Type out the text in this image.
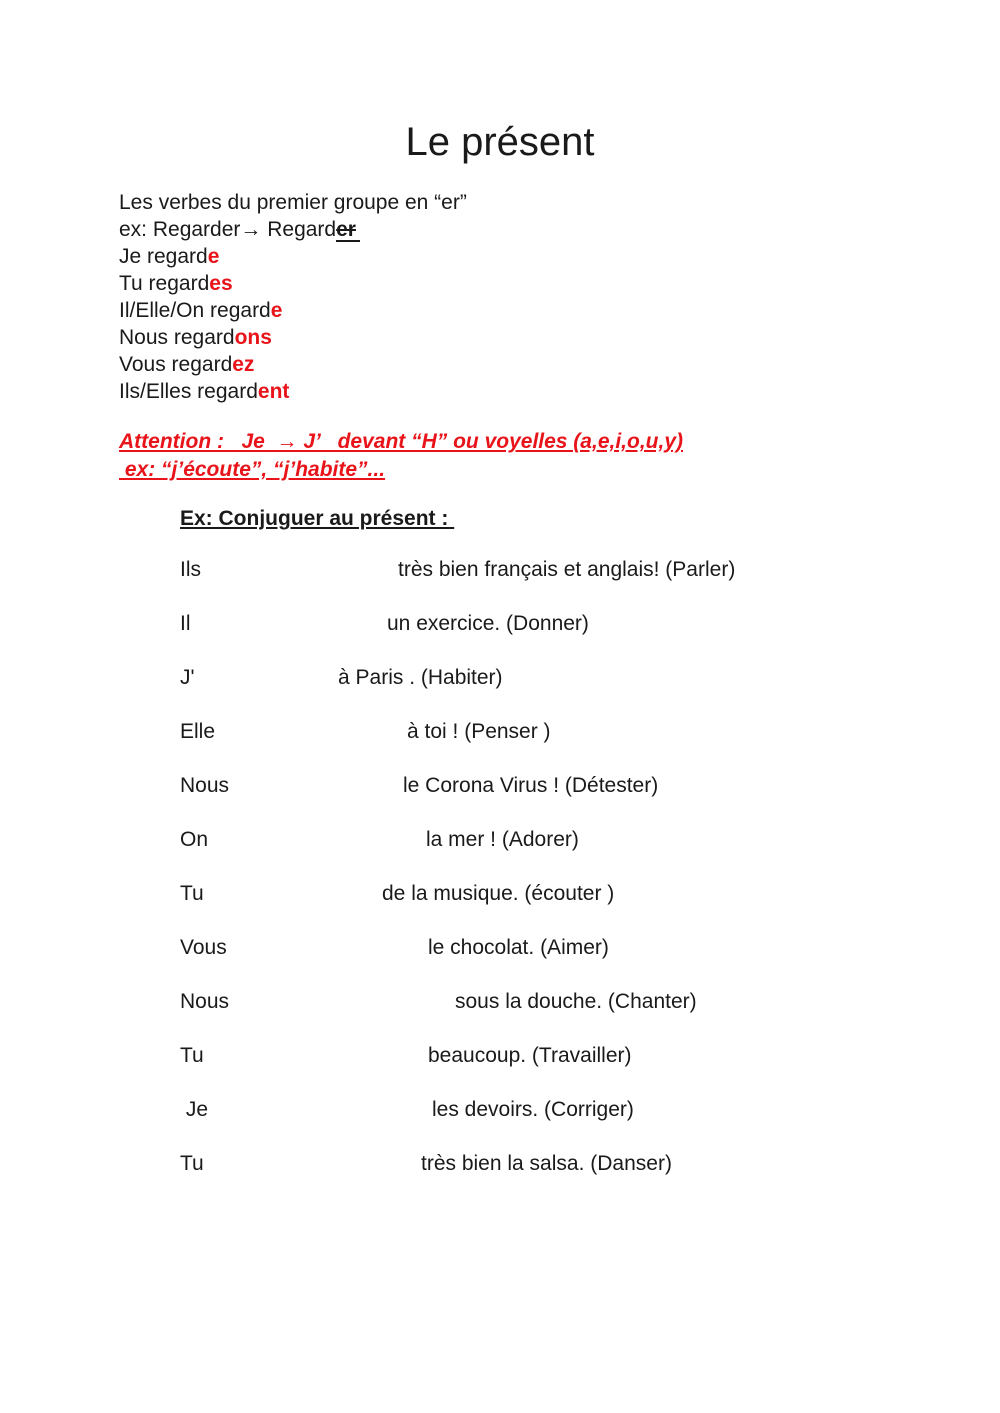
Le présent
Les verbes du premier groupe en “er”
ex: Regarder→ Regarder
Je regarde
Tu regardes
Il/Elle/On regarde
Nous regardons
Vous regardez
Ils/Elles regardent
Attention :   Je  → J’   devant “H” ou voyelles (a,e,i,o,u,y)
ex: “j’écoute”, “j’habite”...
Ex: Conjuguer au présent :
Ils	très bien français et anglais! (Parler)
Il	un exercice. (Donner)
J'	à Paris . (Habiter)
Elle	à toi ! (Penser )
Nous	le Corona Virus ! (Détester)
On	la mer ! (Adorer)
Tu	de la musique. (écouter )
Vous	le chocolat. (Aimer)
Nous	sous la douche. (Chanter)
Tu	beaucoup. (Travailler)
Je	les devoirs. (Corriger)
Tu	très bien la salsa. (Danser)
